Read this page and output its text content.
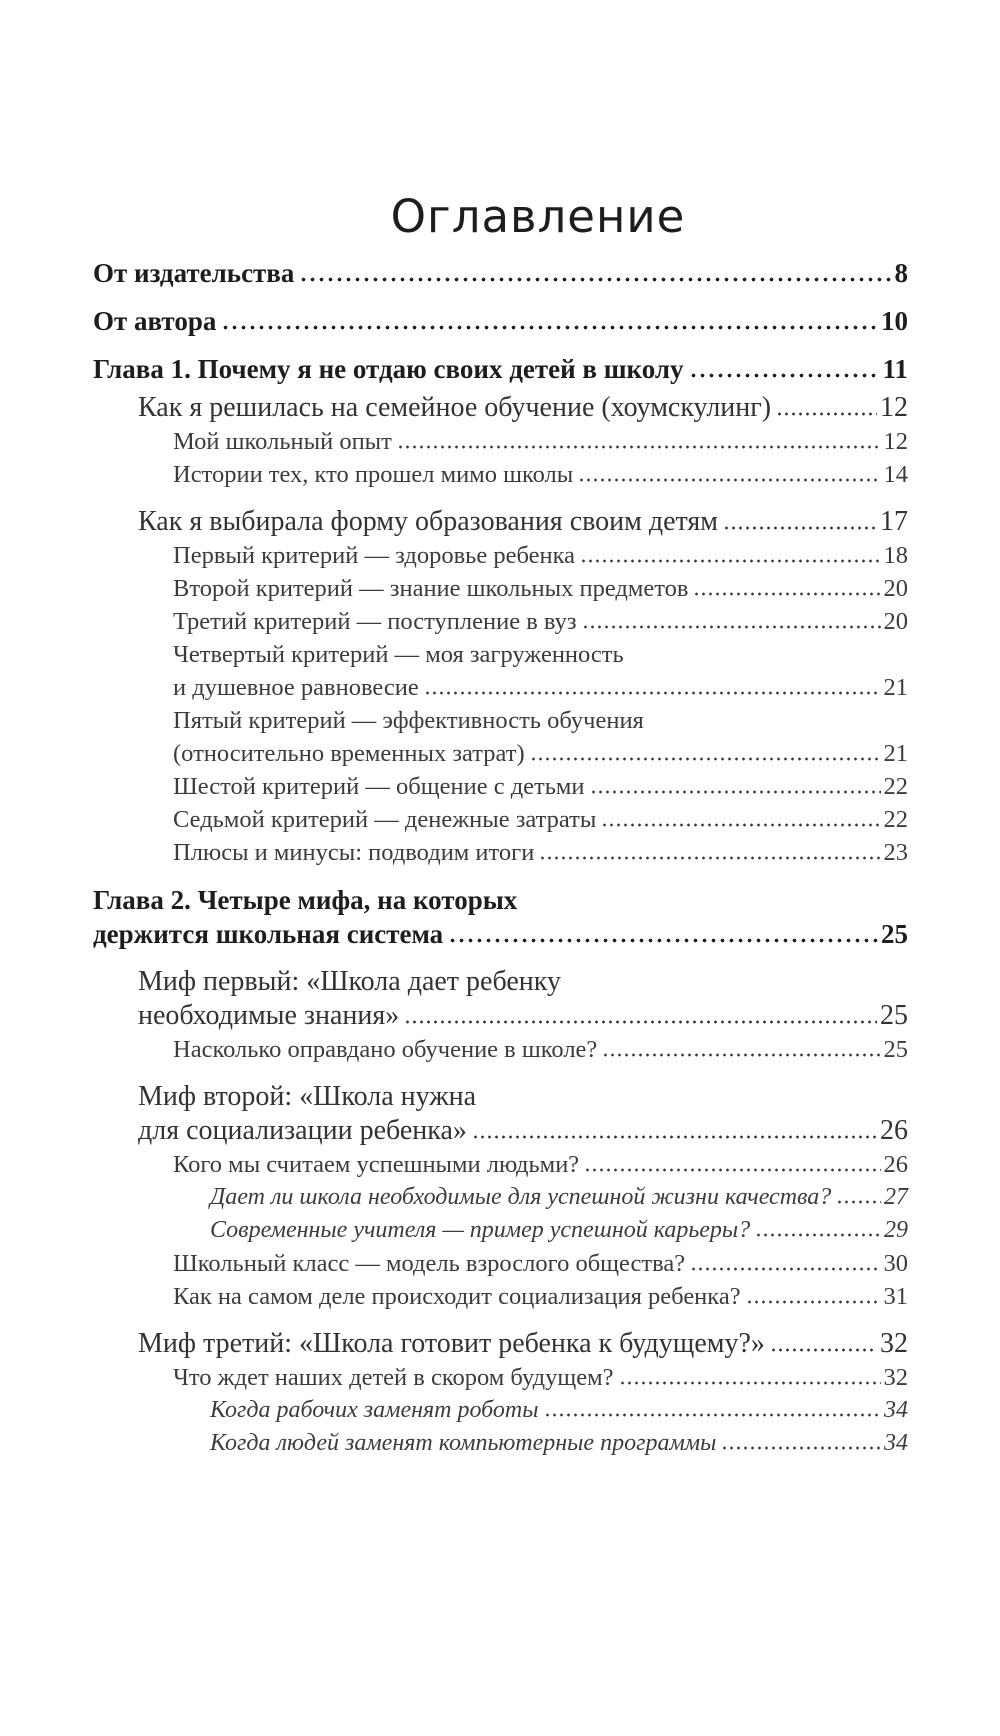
Оглавление
От издательства	8
От автора	10
Глава 1. Почему я не отдаю своих детей в школу	11
Как я решилась на семейное обучение (хоумскулинг)	12
Мой школьный опыт	12
Истории тех, кто прошел мимо школы	14
Как я выбирала форму образования своим детям	17
Первый критерий — здоровье ребенка	18
Второй критерий — знание школьных предметов	20
Третий критерий — поступление в вуз	20
Четвертый критерий — моя загруженность
и душевное равновесие	21
Пятый критерий — эффективность обучения
(относительно временных затрат)	21
Шестой критерий — общение с детьми	22
Седьмой критерий — денежные затраты	22
Плюсы и минусы: подводим итоги	23
Глава 2. Четыре мифа, на которых
держится школьная система	25
Миф первый: «Школа дает ребенку
необходимые знания»	25
Насколько оправдано обучение в школе?	25
Миф второй: «Школа нужна
для социализации ребенка»	26
Кого мы считаем успешными людьми?	26
Дает ли школа необходимые для успешной жизни качества? 27
Современные учителя — пример успешной карьеры?	29
Школьный класс — модель взрослого общества?	30
Как на самом деле происходит социализация ребенка?	31
Миф третий: «Школа готовит ребенка к будущему?»	32
Что ждет наших детей в скором будущем?	32
Когда рабочих заменят роботы	34
Когда людей заменят компьютерные программы	34
